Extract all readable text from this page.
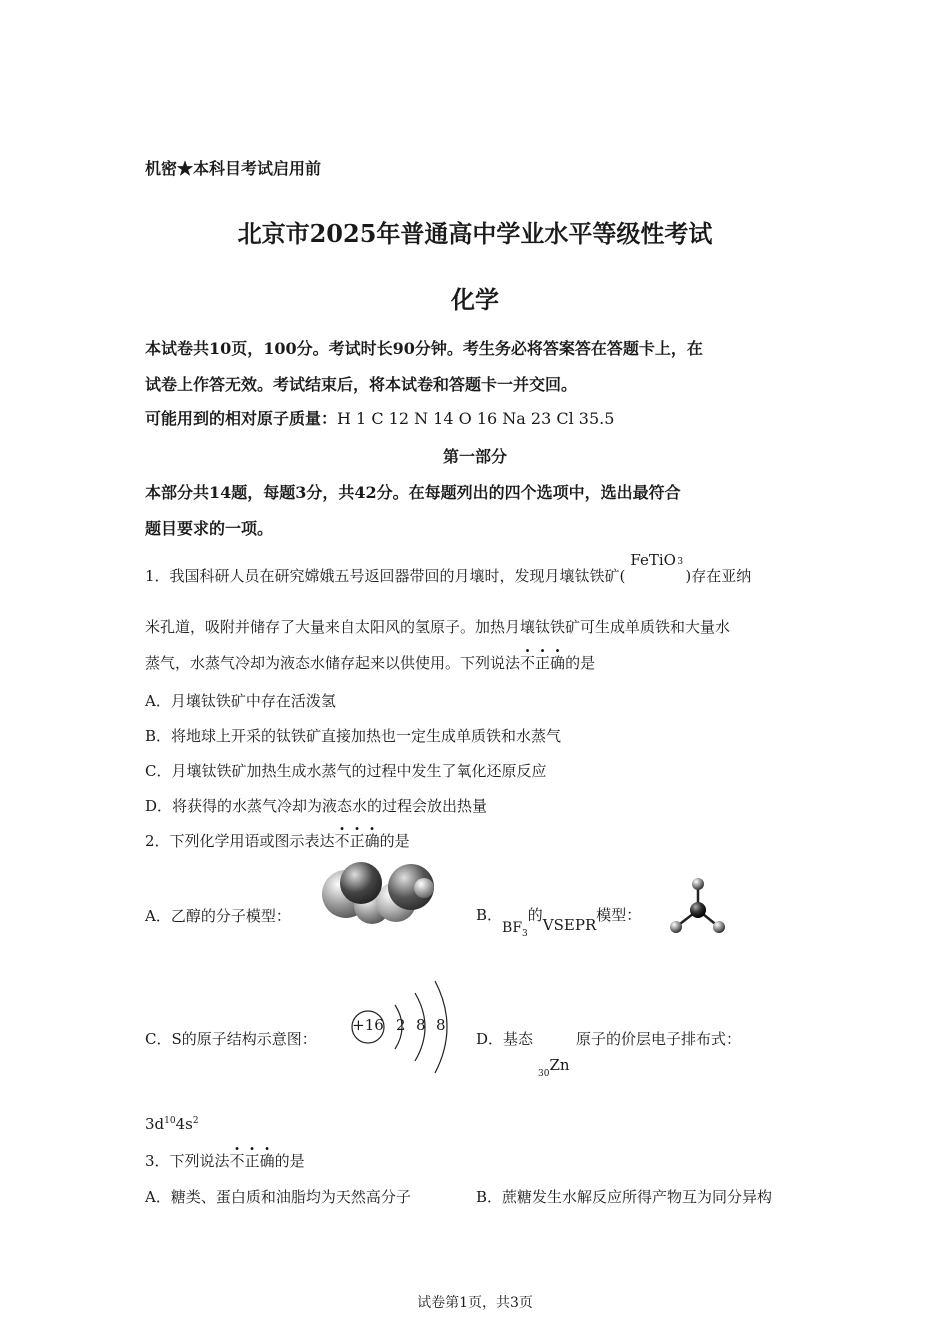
机密★本科目考试启用前
北京市2025年普通高中学业水平等级性考试
化学
本试卷共10页，100分。考试时长90分钟。考生务必将答案答在答题卡上，在
试卷上作答无效。考试结束后，将本试卷和答题卡一并交回。
可能用到的相对原子质量：H 1 C 12 N 14 O 16 Na 23 Cl 35.5
第一部分
本部分共14题，每题3分，共42分。在每题列出的四个选项中，选出最符合
题目要求的一项。
1．我国科研人员在研究嫦娥五号返回器带回的月壤时，发现月壤钛铁矿(
FeTiO 3
)存在亚纳
米孔道，吸附并储存了大量来自太阳风的氢原子。加热月壤钛铁矿可生成单质铁和大量水
蒸气，水蒸气冷却为液态水储存起来以供使用。下列说法不正确的是
A．月壤钛铁矿中存在活泼氢
B．将地球上开采的钛铁矿直接加热也一定生成单质铁和水蒸气
C．月壤钛铁矿加热生成水蒸气的过程中发生了氧化还原反应
D．将获得的水蒸气冷却为液态水的过程会放出热量
2．下列化学用语或图示表达不正确的是
A．乙醇的分子模型：	B．$BF_3$的VSEPR模型：
C．S的原子结构示意图：
+16 2 8 8
D．基态	原子的价层电子排布式：
$_{30}$Zn
$3d^{10}4s^2$
3．下列说法不正确的是
A．糖类、蛋白质和油脂均为天然高分子	B．蔗糖发生水解反应所得产物互为同分异构
试卷第1页，共3页
